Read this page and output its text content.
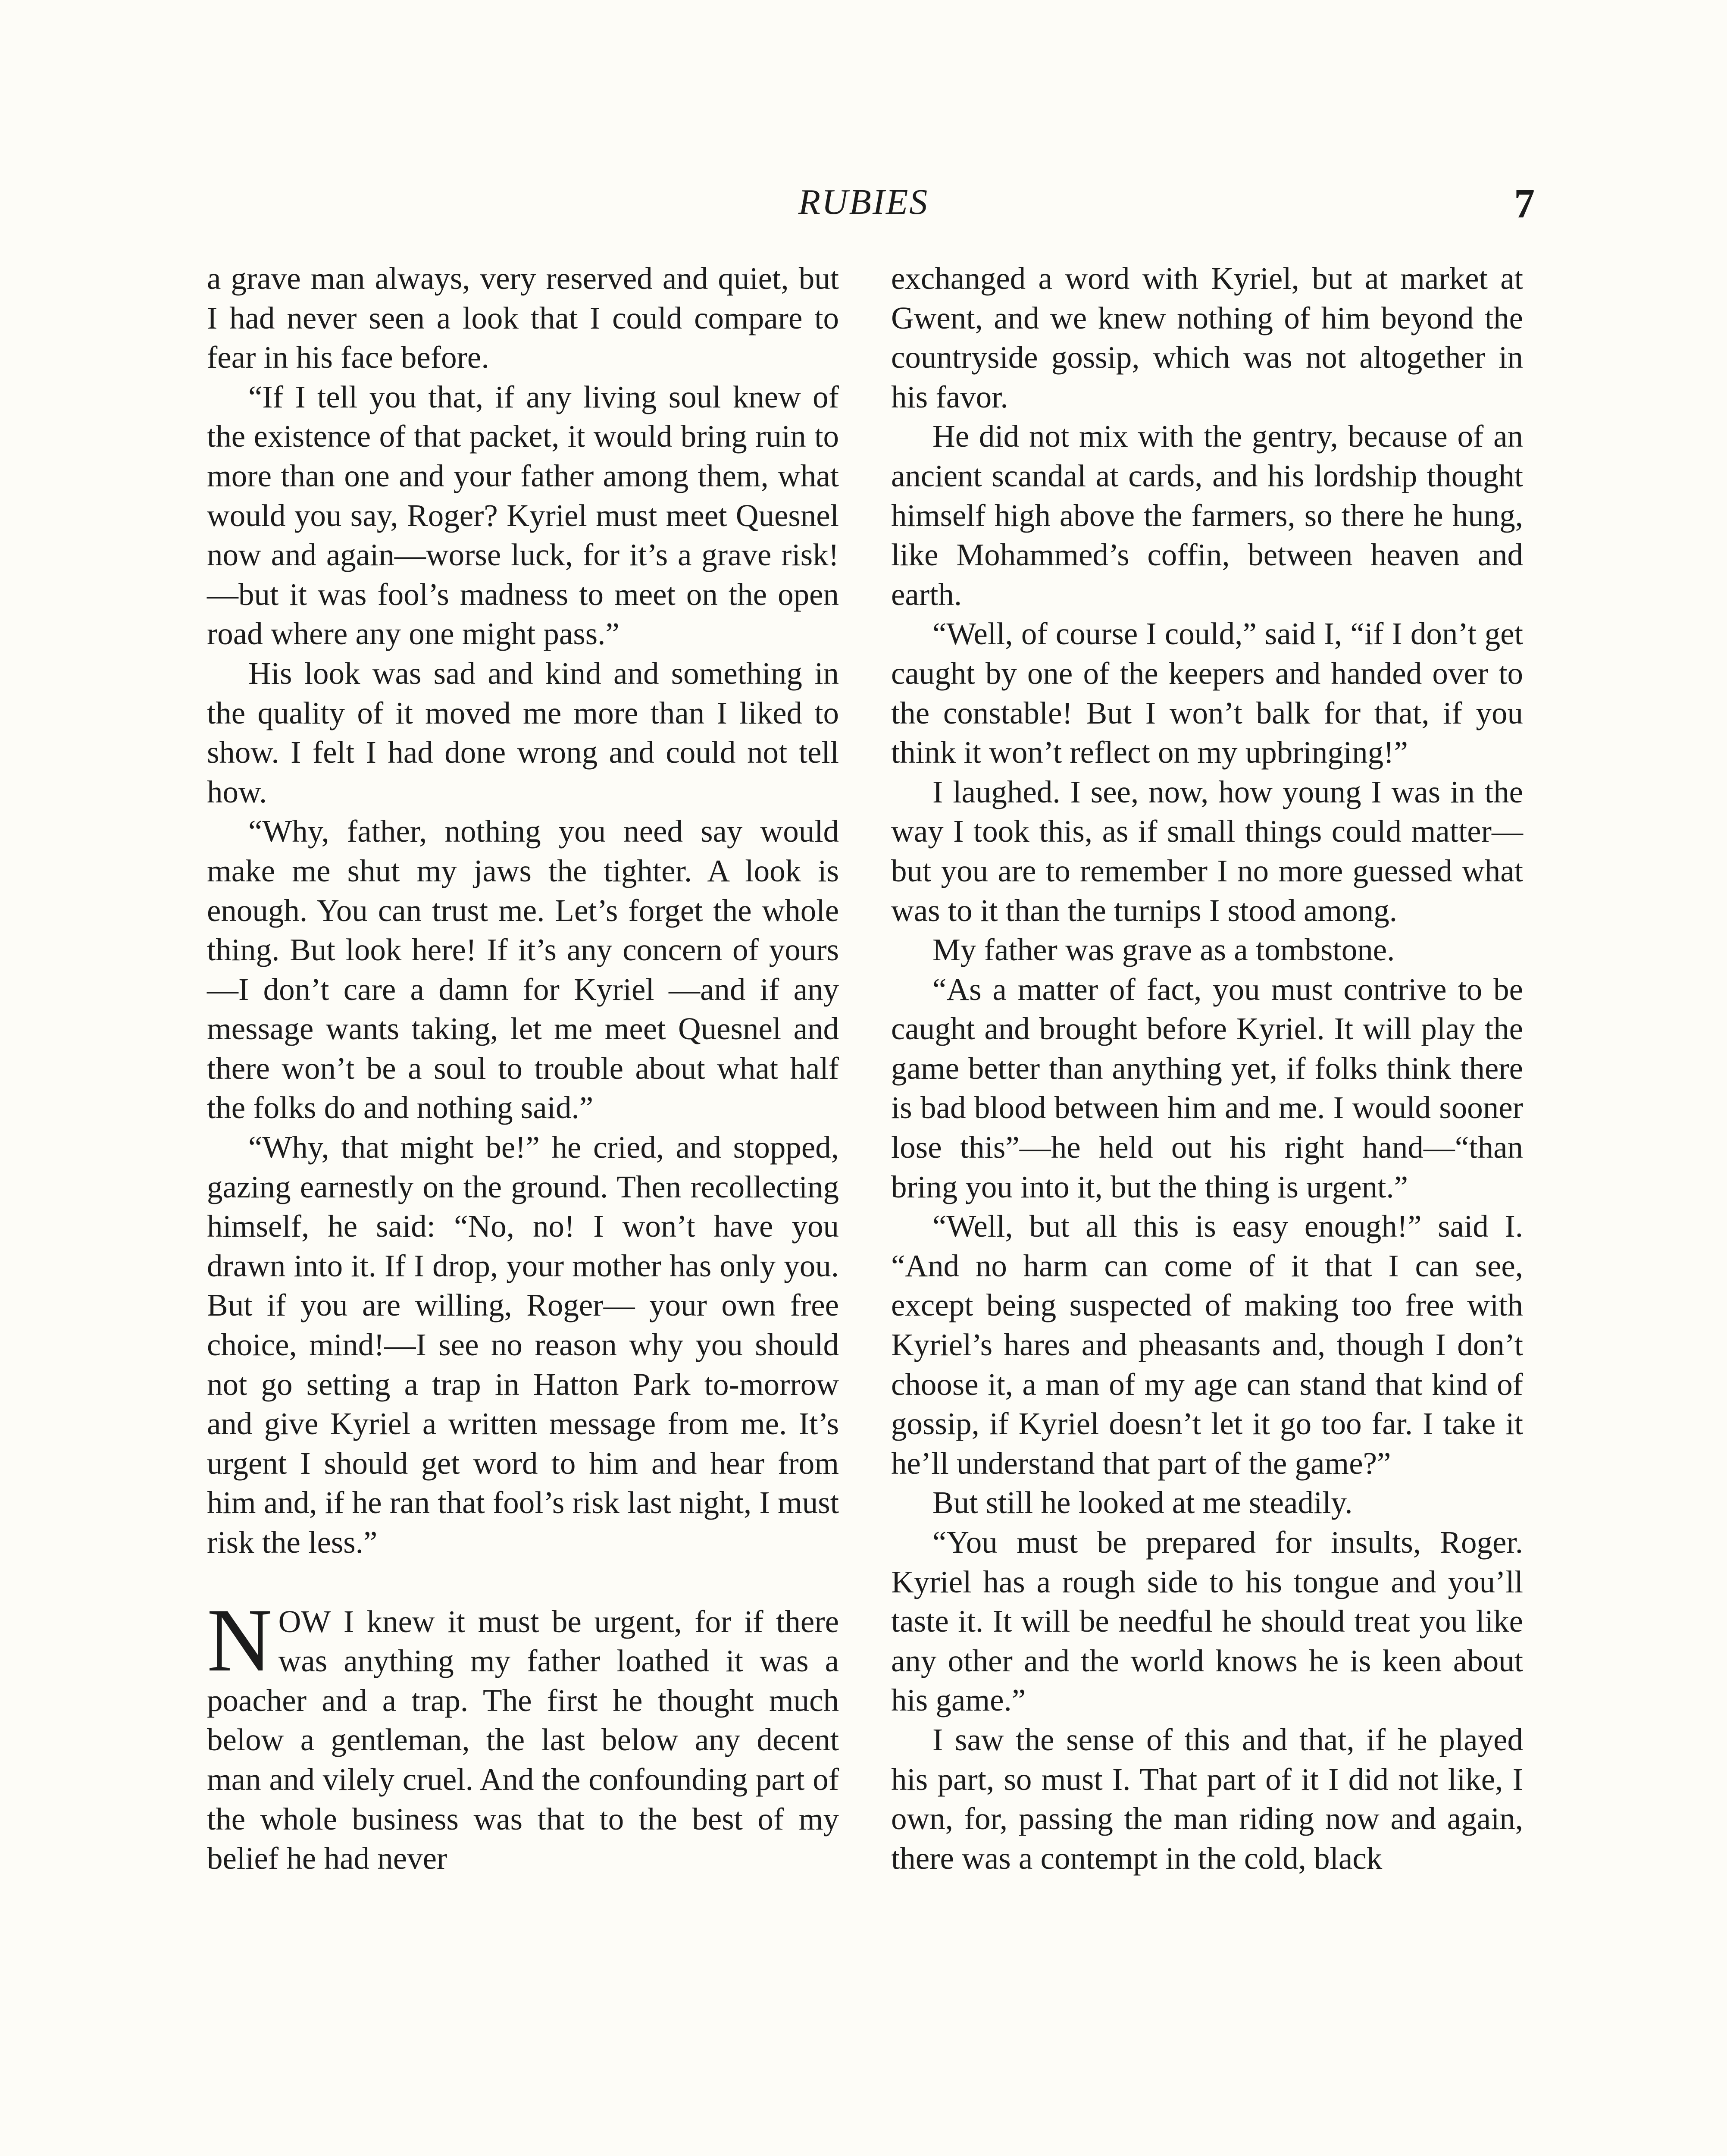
RUBIES	7

a grave man always, very reserved and quiet, but I had never seen a look that I could compare to fear in his face before.

“If I tell you that, if any living soul knew of the existence of that packet, it would bring ruin to more than one and your father among them, what would you say, Roger? Kyriel must meet Quesnel now and again—worse luck, for it’s a grave risk!—but it was fool’s madness to meet on the open road where any one might pass.”

His look was sad and kind and something in the quality of it moved me more than I liked to show. I felt I had done wrong and could not tell how.

“Why, father, nothing you need say would make me shut my jaws the tighter. A look is enough. You can trust me. Let’s forget the whole thing. But look here! If it’s any concern of yours—I don’t care a damn for Kyriel —and if any message wants taking, let me meet Quesnel and there won’t be a soul to trouble about what half the folks do and nothing said.”

“Why, that might be!” he cried, and stopped, gazing earnestly on the ground. Then recollecting himself, he said: “No, no! I won’t have you drawn into it. If I drop, your mother has only you. But if you are willing, Roger— your own free choice, mind!—I see no reason why you should not go setting a trap in Hatton Park to-morrow and give Kyriel a written message from me. It’s urgent I should get word to him and hear from him and, if he ran that fool’s risk last night, I must risk the less.”

NOW I knew it must be urgent, for if there was anything my father loathed it was a poacher and a trap. The first he thought much below a gentleman, the last below any decent man and vilely cruel. And the confounding part of the whole business was that to the best of my belief he had never

exchanged a word with Kyriel, but at market at Gwent, and we knew nothing of him beyond the countryside gossip, which was not altogether in his favor.

He did not mix with the gentry, because of an ancient scandal at cards, and his lordship thought himself high above the farmers, so there he hung, like Mohammed’s coffin, between heaven and earth.

“Well, of course I could,” said I, “if I don’t get caught by one of the keepers and handed over to the constable! But I won’t balk for that, if you think it won’t reflect on my upbringing!”

I laughed. I see, now, how young I was in the way I took this, as if small things could matter—but you are to remember I no more guessed what was to it than the turnips I stood among.

My father was grave as a tombstone.

“As a matter of fact, you must contrive to be caught and brought before Kyriel. It will play the game better than anything yet, if folks think there is bad blood between him and me. I would sooner lose this”—he held out his right hand—“than bring you into it, but the thing is urgent.”

“Well, but all this is easy enough!” said I. “And no harm can come of it that I can see, except being suspected of making too free with Kyriel’s hares and pheasants and, though I don’t choose it, a man of my age can stand that kind of gossip, if Kyriel doesn’t let it go too far. I take it he’ll understand that part of the game?”

But still he looked at me steadily.

“You must be prepared for insults, Roger. Kyriel has a rough side to his tongue and you’ll taste it. It will be needful he should treat you like any other and the world knows he is keen about his game.”

I saw the sense of this and that, if he played his part, so must I. That part of it I did not like, I own, for, passing the man riding now and again, there was a contempt in the cold, black
